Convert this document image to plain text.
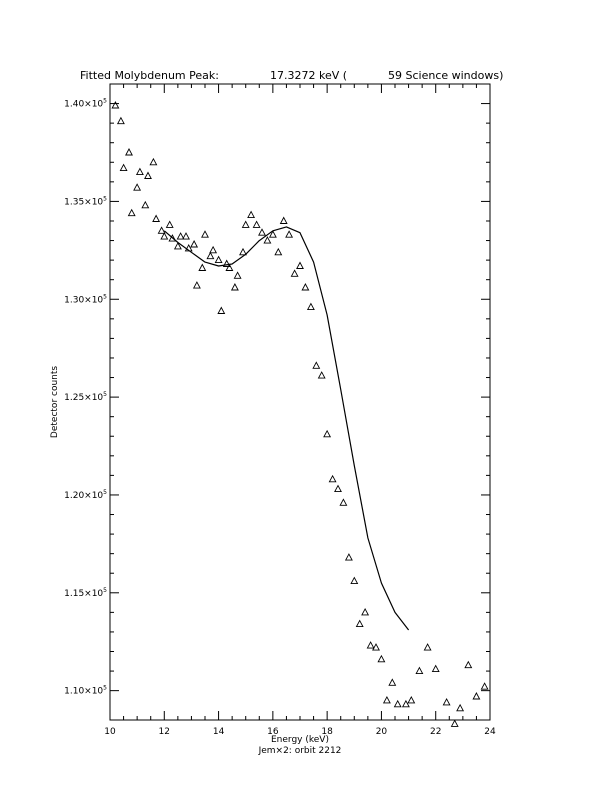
Fitted Molybdenum Peak:	17.3272 keV (	59 Science windows)
10	12	14	16	18	20	22	24
$1.10\times 10^5$
$1.15\times 10^5$
$1.20\times 10^5$
$1.25\times 10^5$
$1.30\times 10^5$
$1.35\times 10^5$
$1.40\times 10^5$
Energy (keV)
Jem×2: orbit 2212
Detector counts
